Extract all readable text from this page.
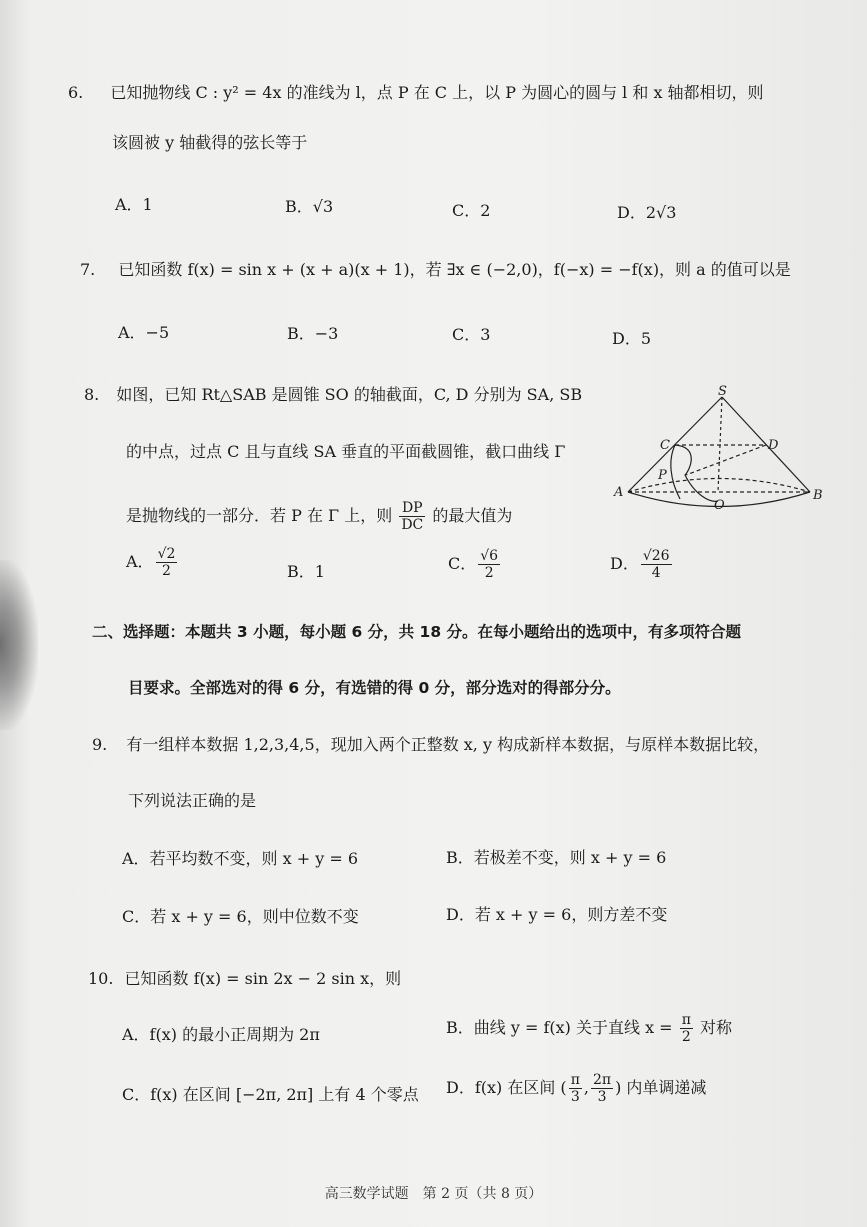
6. 已知抛物线 C : y² = 4x 的准线为 l，点 P 在 C 上，以 P 为圆心的圆与 l 和 x 轴都相切，则
该圆被 y 轴截得的弦长等于
A．1	B．√3	C．2	D．2√3
7. 已知函数 f(x) = sin x + (x + a)(x + 1)，若 ∃x ∈ (−2,0)，f(−x) = −f(x)，则 a 的值可以是
A．−5	B．−3	C．3	D．5
8. 如图，已知 Rt△SAB 是圆锥 SO 的轴截面，C, D 分别为 SA, SB
的中点，过点 C 且与直线 SA 垂直的平面截圆锥，截口曲线 Γ
是抛物线的一部分．若 P 在 Γ 上，则 $\frac{DP}{DC}$ 的最大值为
A． $\frac{√2}{2}$	B．1	C． $\frac{√6}{2}$	D． $\frac{√26}{4}$
S
C	D
P
A
O
B
二、选择题：本题共 3 小题，每小题 6 分，共 18 分。在每小题给出的选项中，有多项符合题
目要求。全部选对的得 6 分，有选错的得 0 分，部分选对的得部分分。
9. 有一组样本数据 1,2,3,4,5，现加入两个正整数 x, y 构成新样本数据，与原样本数据比较，
下列说法正确的是
A．若平均数不变，则 x + y = 6	B．若极差不变，则 x + y = 6
C．若 x + y = 6，则中位数不变	D．若 x + y = 6，则方差不变
10. 已知函数 f(x) = sin 2x − 2 sin x，则
A．f(x) 的最小正周期为 2π	B．曲线 y = f(x) 关于直线 $x = \frac{\pi}{2}$ 对称
C．f(x) 在区间 [−2π, 2π] 上有 4 个零点 D．f(x) 在区间 ( $\frac{\pi}{3}$ , $\frac{2\pi}{3}$ ) 内单调递减
高三数学试题　第 2 页（共 8 页）
